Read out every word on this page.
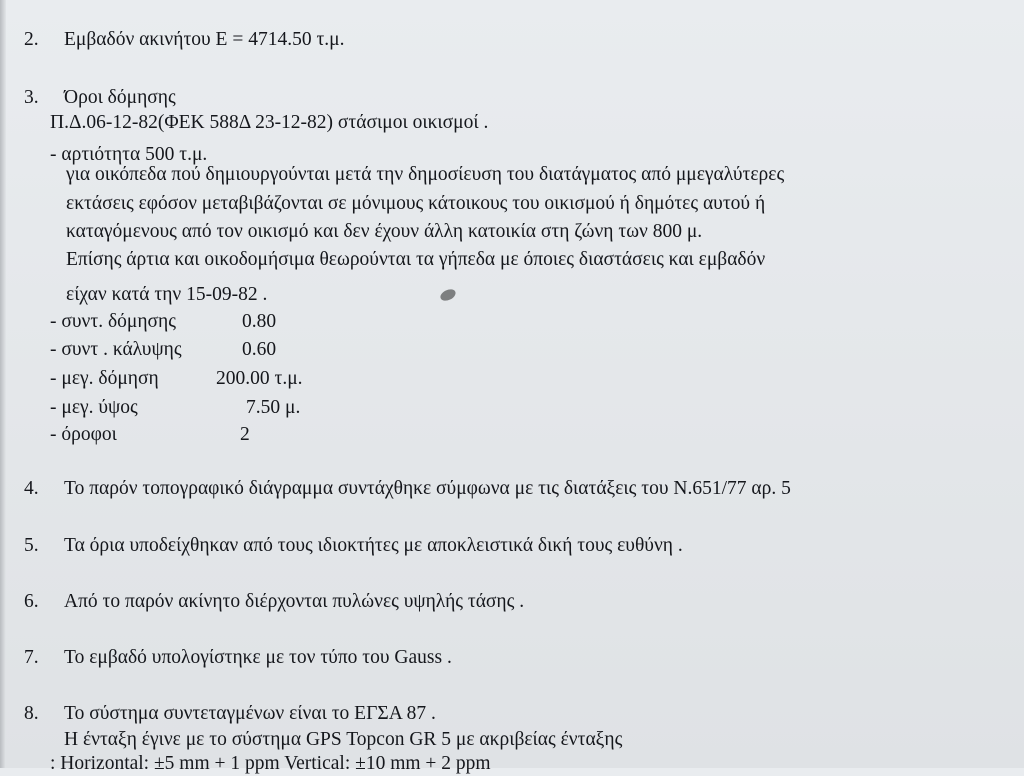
2.	Εμβαδόν ακινήτου Ε = 4714.50 τ.μ.
3.	Όροι δόμησης
Π.Δ.06-12-82(ΦΕΚ 588Δ 23-12-82) στάσιμοι οικισμοί .
- αρτιότητα 500 τ.μ.
για οικόπεδα πού δημιουργούνται μετά την δημοσίευση του διατάγματος από μμεγαλύτερες
εκτάσεις εφόσον μεταβιβάζονται σε μόνιμους κάτοικους του οικισμού ή δημότες αυτού ή
καταγόμενους από τον οικισμό και δεν έχουν άλλη κατοικία στη ζώνη των 800 μ.
Επίσης άρτια και οικοδομήσιμα θεωρούνται τα γήπεδα με όποιες διαστάσεις και εμβαδόν
είχαν κατά την 15-09-82 .
- συντ. δόμησης	0.80
- συντ . κάλυψης	0.60
- μεγ. δόμηση	200.00 τ.μ.
- μεγ. ύψος	7.50 μ.
- όροφοι	2
4.	Το παρόν τοπογραφικό διάγραμμα συντάχθηκε σύμφωνα με τις διατάξεις του Ν.651/77 αρ. 5
5.	Τα όρια υποδείχθηκαν από τους ιδιοκτήτες με αποκλειστικά δική τους ευθύνη .
6.	Από το παρόν ακίνητο διέρχονται πυλώνες υψηλής τάσης .
7.	Το εμβαδό υπολογίστηκε με τον τύπο του Gauss .
8.	Το σύστημα συντεταγμένων είναι το ΕΓΣΑ 87 .
Η ένταξη έγινε με το σύστημα GPS Topcon GR 5 με ακριβείας ένταξης
: Horizontal: ±5 mm + 1 ppm Vertical: ±10 mm + 2 ppm
